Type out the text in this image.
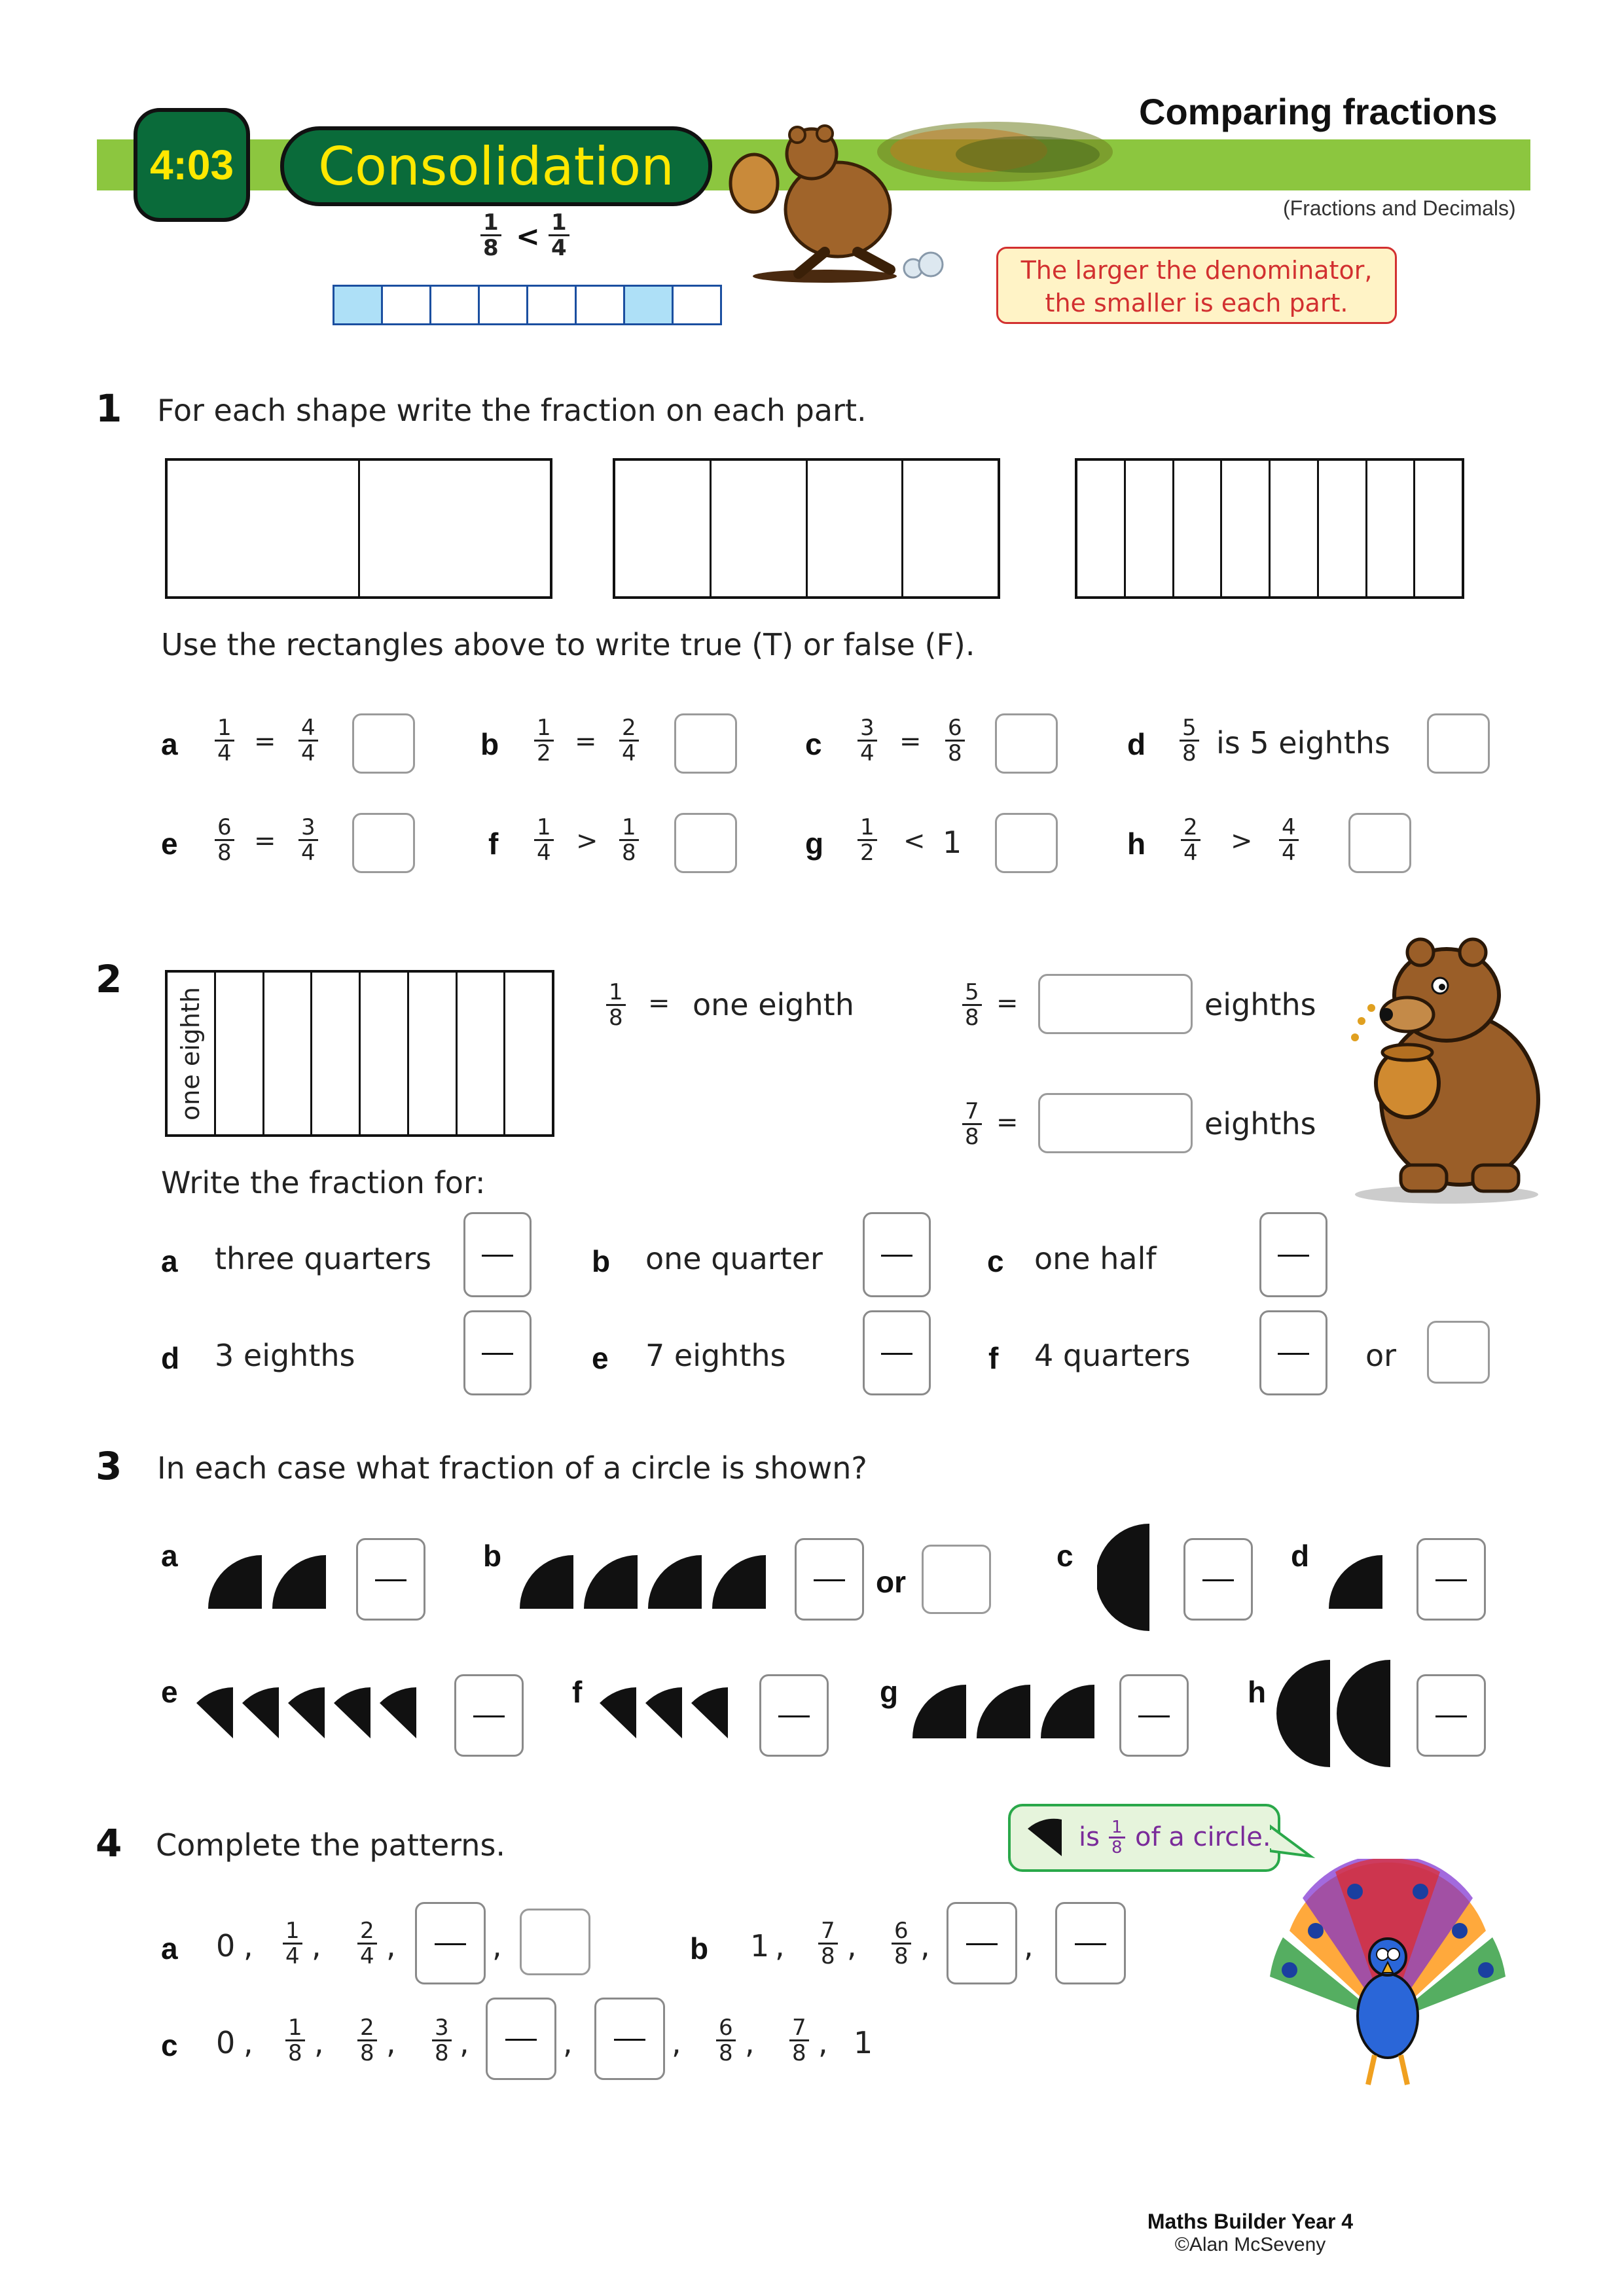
Comparing fractions
4:03 Consolidation
(Fractions and Decimals)
$\frac{1}{8} < \frac{1}{4}$
The larger the denominator,
the smaller is each part.
1 For each shape write the fraction on each part.
Use the rectangles above to write true (T) or false (F).
a $\frac{1}{4} = \frac{4}{4}$	b $\frac{1}{2} = \frac{2}{4}$	c $\frac{3}{4} = \frac{6}{8}$	d $\frac{5}{8}$ is 5 eighths
e $\frac{6}{8} = \frac{3}{4}$	f $\frac{1}{4} > \frac{1}{8}$	g $\frac{1}{2} < 1$	h $\frac{2}{4} > \frac{4}{4}$
2
one eighth	$\frac{1}{8}$ = one eighth	$\frac{5}{8}$ =	eighths
$\frac{7}{8}$ =	eighths
Write the fraction for:
a three quarters	b one quarter	c one half
d 3 eighths	e 7 eighths	f 4 quarters	or
3 In each case what fraction of a circle is shown?
a	b
or
c	d
e	f	g	h
4 Complete the patterns.	is $\frac{1}{8}$ of a circle.
a 0 , $\frac{1}{4}$ , $\frac{2}{4}$ ,	,	b 1 , $\frac{7}{8}$ , $\frac{6}{8}$ ,	,
c 0 , $\frac{1}{8}$ , $\frac{2}{8}$ , $\frac{3}{8}$ ,	,	, $\frac{6}{8}$ , $\frac{7}{8}$ , 1
Maths Builder Year 4
©Alan McSeveny
